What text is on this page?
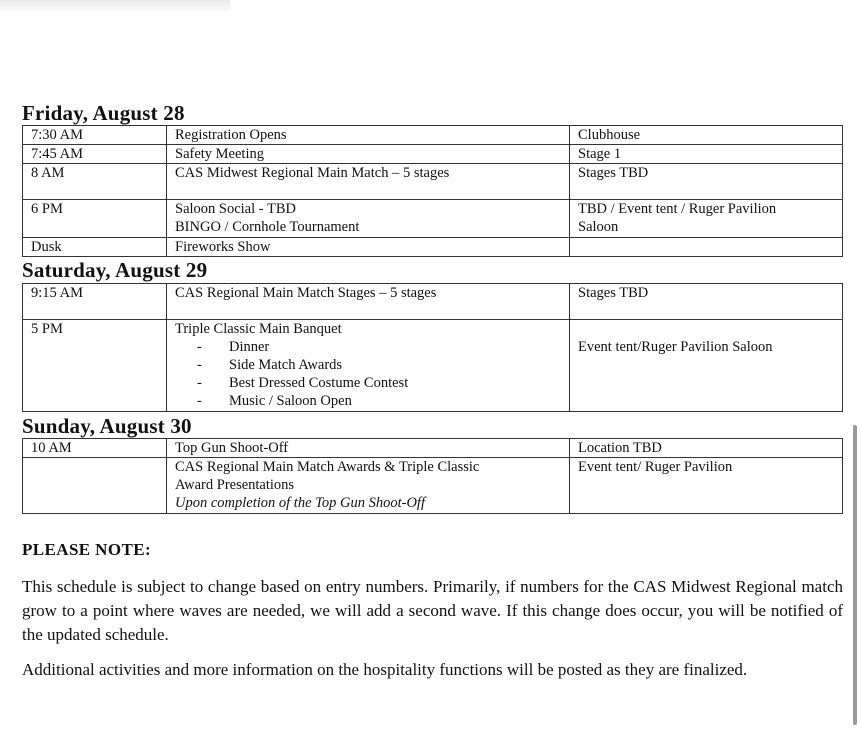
Friday, August 28
7:30 AM	Registration Opens	Clubhouse

7:45 AM	Safety Meeting	Stage 1

8 AM	CAS Midwest Regional Main Match – 5 stages	Stages TBD

6 PM	Saloon Social - TBD
BINGO / Cornhole Tournament	TBD / Event tent / Ruger Pavilion
Saloon

Dusk	Fireworks Show	

Saturday, August 29
9:15 AM	CAS Regional Main Match Stages – 5 stages	Stages TBD

5 PM	Triple Classic Main Banquet
- Dinner
- Side Match Awards
- Best Dressed Costume Contest
- Music / Saloon Open	Event tent/Ruger Pavilion Saloon
Sunday, August 30
10 AM	Top Gun Shoot-Off	Location TBD

	CAS Regional Main Match Awards & Triple Classic
Award Presentations
Upon completion of the Top Gun Shoot-Off	Event tent/ Ruger Pavilion
PLEASE NOTE:

This schedule is subject to change based on entry numbers. Primarily, if numbers for the CAS Midwest Regional match grow to a point where waves are needed, we will add a second wave. If this change does occur, you will be notified of the updated schedule.

Additional activities and more information on the hospitality functions will be posted as they are finalized.
